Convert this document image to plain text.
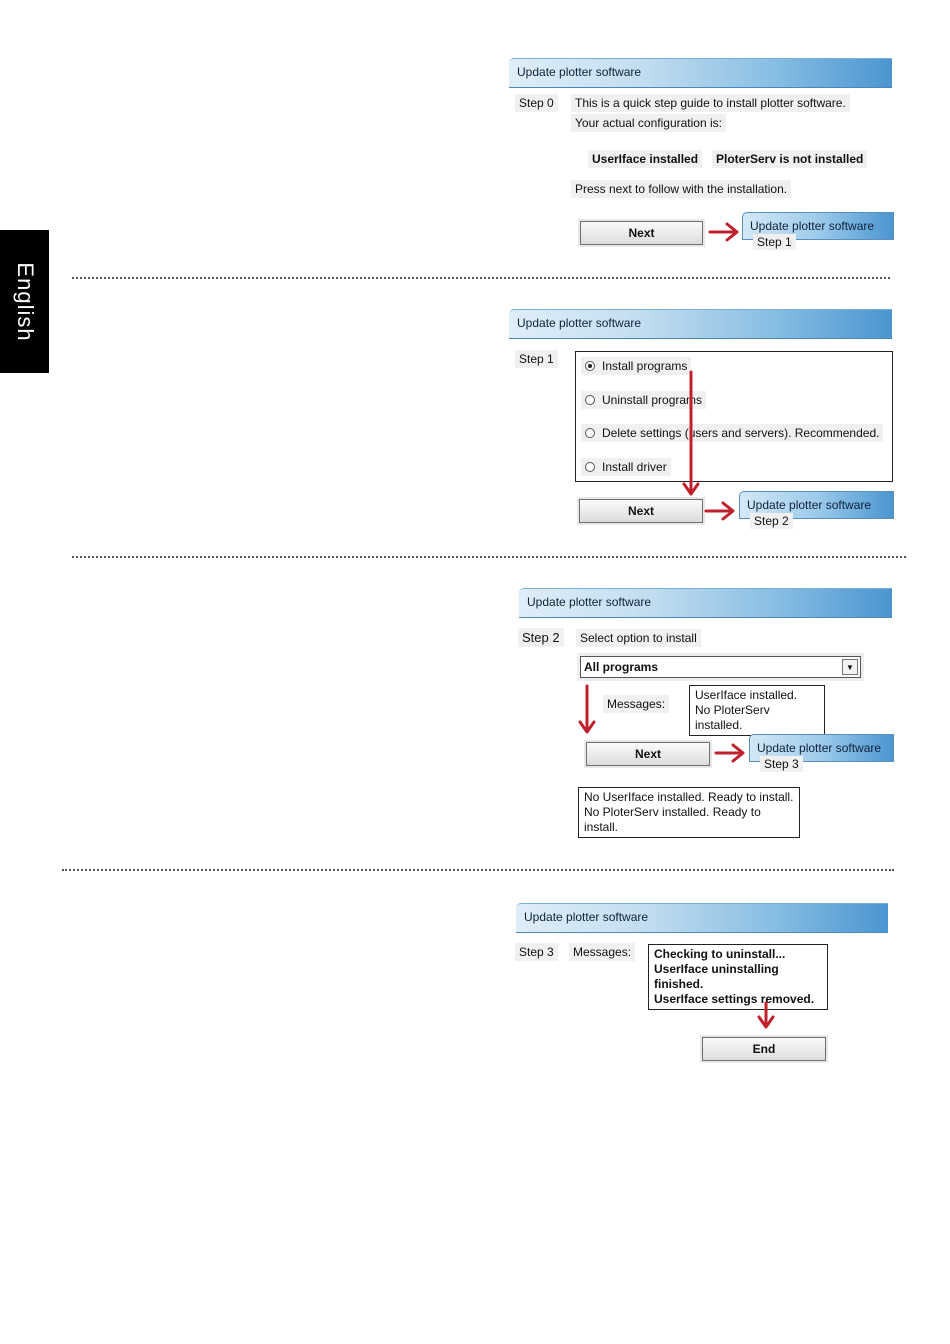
English
Update plotter software
Step 0	This is a quick step guide to install plotter software.
Your actual configuration is:
UserIface installed	PloterServ is not installed
Press next to follow with the installation.
Next	Update plotter software
Step 1
Update plotter software
Step 1	Install programs
Uninstall programs
Delete settings (users and servers). Recommended.
Install driver
Next	Update plotter software
Step 2
Update plotter software
Step 2	Select option to install
All programs	▼
Messages:
UserIface installed.
No PloterServ installed.
Next	Update plotter software
Step 3
No UserIface installed. Ready to install.
No PloterServ installed. Ready to install.
Update plotter software
Step 3	Messages:	Checking to uninstall...
UserIface uninstalling finished.
UserIface settings removed.
End
